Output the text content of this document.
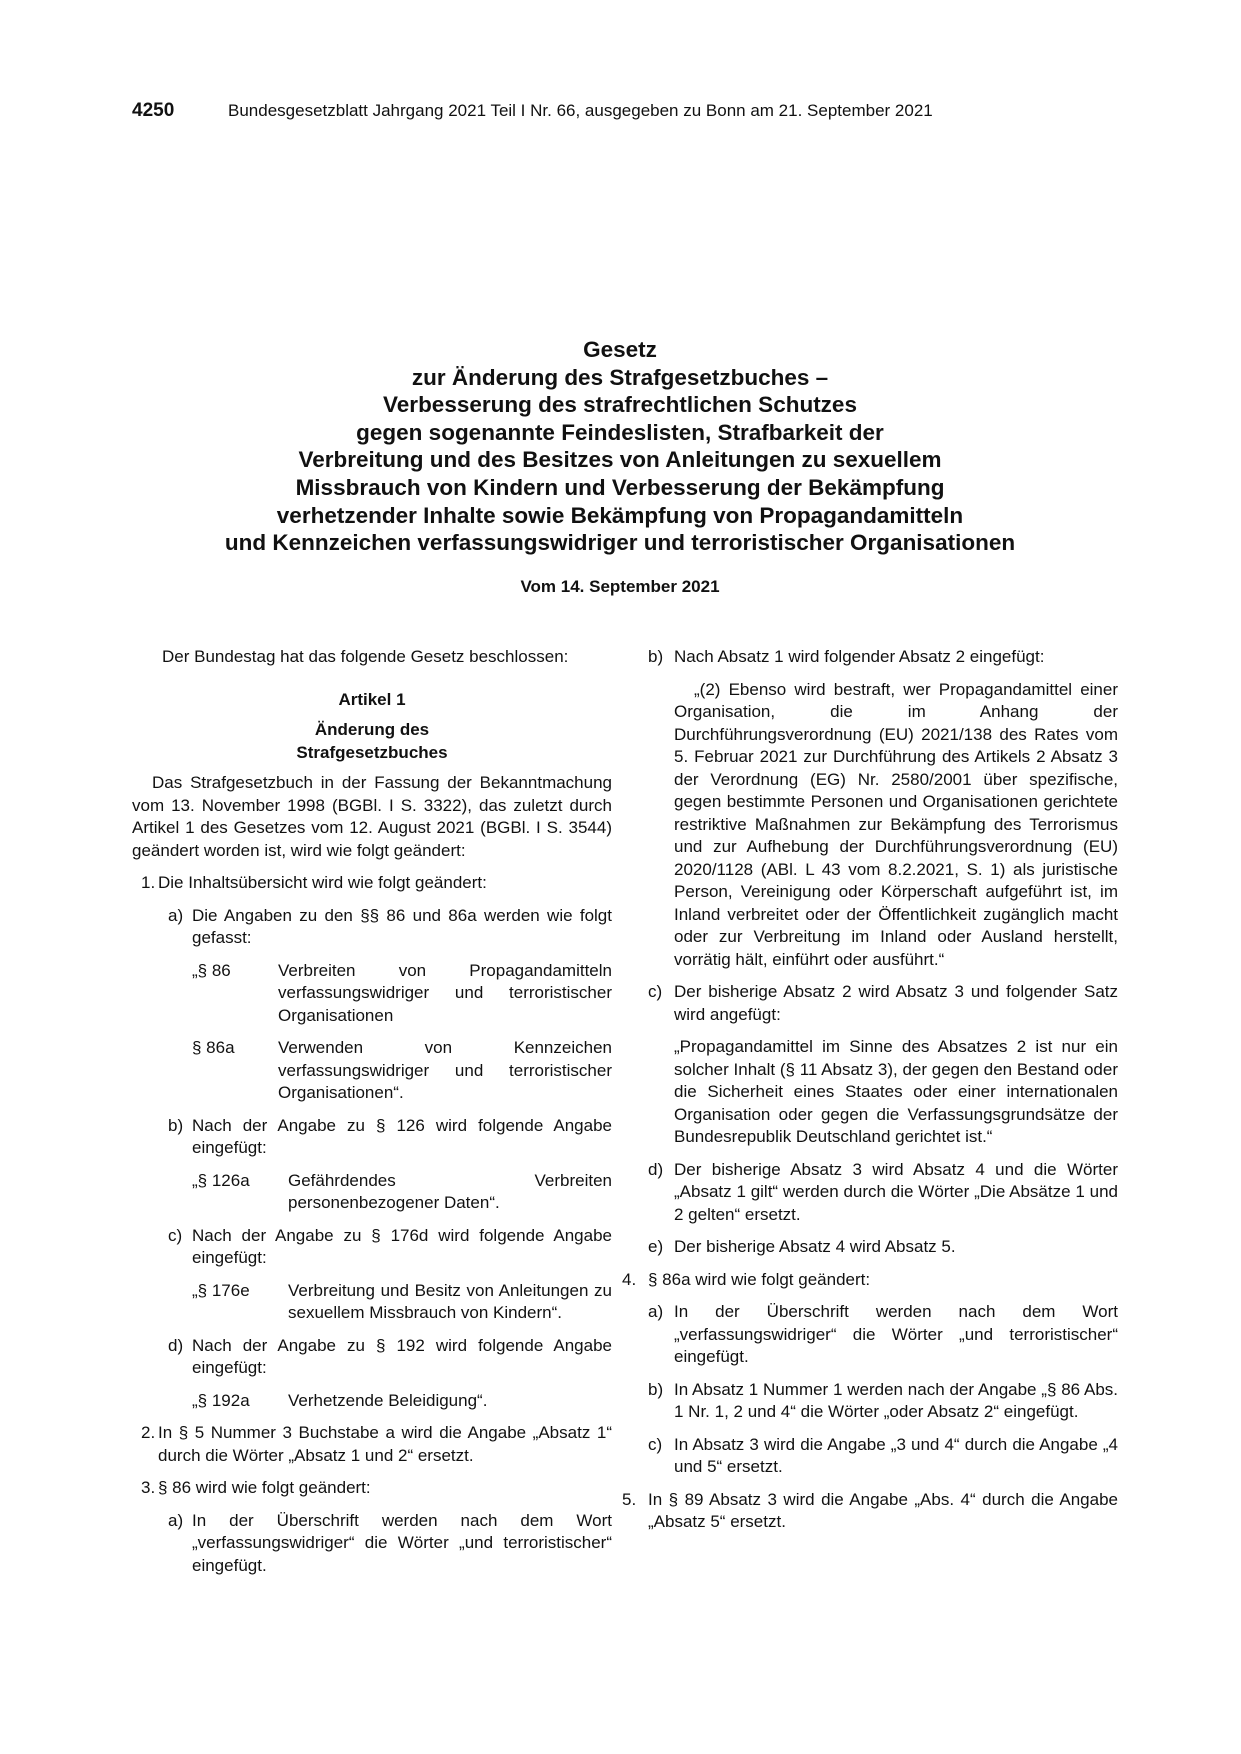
4250	Bundesgesetzblatt Jahrgang 2021 Teil I Nr. 66, ausgegeben zu Bonn am 21. September 2021
Gesetz
zur Änderung des Strafgesetzbuches –
Verbesserung des strafrechtlichen Schutzes
gegen sogenannte Feindeslisten, Strafbarkeit der
Verbreitung und des Besitzes von Anleitungen zu sexuellem
Missbrauch von Kindern und Verbesserung der Bekämpfung
verhetzender Inhalte sowie Bekämpfung von Propagandamitteln
und Kennzeichen verfassungswidriger und terroristischer Organisationen
Vom 14. September 2021

Der Bundestag hat das folgende Gesetz beschlossen:

Artikel 1

Änderung des

Strafgesetzbuches

Das Strafgesetzbuch in der Fassung der Bekanntmachung vom 13. November 1998 (BGBl. I S. 3322), das zuletzt durch Artikel 1 des Gesetzes vom 12. August 2021 (BGBl. I S. 3544) geändert worden ist, wird wie folgt geändert:

1. Die Inhaltsübersicht wird wie folgt geändert:
a) Die Angaben zu den §§ 86 und 86a werden wie folgt gefasst:
„§ 86	Verbreiten von Propagandamitteln verfassungswidriger und terroristischer Organisationen
§ 86a	Verwenden von Kennzeichen verfassungswidriger und terroristischer Organisationen“.
b) Nach der Angabe zu § 126 wird folgende Angabe eingefügt:
„§ 126a Gefährdendes Verbreiten personenbezogener Daten“.
c) Nach der Angabe zu § 176d wird folgende Angabe eingefügt:
„§ 176e Verbreitung und Besitz von Anleitungen zu sexuellem Missbrauch von Kindern“.
d) Nach der Angabe zu § 192 wird folgende Angabe eingefügt:
„§ 192a Verhetzende Beleidigung“.
2. In § 5 Nummer 3 Buchstabe a wird die Angabe „Absatz 1“ durch die Wörter „Absatz 1 und 2“ ersetzt.
3. § 86 wird wie folgt geändert:
a) In der Überschrift werden nach dem Wort „verfassungswidriger“ die Wörter „und terroristischer“ eingefügt.
b) Nach Absatz 1 wird folgender Absatz 2 eingefügt:

„(2) Ebenso wird bestraft, wer Propagandamittel einer Organisation, die im Anhang der Durchführungsverordnung (EU) 2021/138 des Rates vom 5. Februar 2021 zur Durchführung des Artikels 2 Absatz 3 der Verordnung (EG) Nr. 2580/2001 über spezifische, gegen bestimmte Personen und Organisationen gerichtete restriktive Maßnahmen zur Bekämpfung des Terrorismus und zur Aufhebung der Durchführungsverordnung (EU) 2020/1128 (ABl. L 43 vom 8.2.2021, S. 1) als juristische Person, Vereinigung oder Körperschaft aufgeführt ist, im Inland verbreitet oder der Öffentlichkeit zugänglich macht oder zur Verbreitung im Inland oder Ausland herstellt, vorrätig hält, einführt oder ausführt.“

c) Der bisherige Absatz 2 wird Absatz 3 und folgender Satz wird angefügt:

„Propagandamittel im Sinne des Absatzes 2 ist nur ein solcher Inhalt (§ 11 Absatz 3), der gegen den Bestand oder die Sicherheit eines Staates oder einer internationalen Organisation oder gegen die Verfassungsgrundsätze der Bundesrepublik Deutschland gerichtet ist.“

d) Der bisherige Absatz 3 wird Absatz 4 und die Wörter „Absatz 1 gilt“ werden durch die Wörter „Die Absätze 1 und 2 gelten“ ersetzt.
e) Der bisherige Absatz 4 wird Absatz 5.
4. § 86a wird wie folgt geändert:
a) In der Überschrift werden nach dem Wort „verfassungswidriger“ die Wörter „und terroristischer“ eingefügt.
b) In Absatz 1 Nummer 1 werden nach der Angabe „§ 86 Abs. 1 Nr. 1, 2 und 4“ die Wörter „oder Absatz 2“ eingefügt.
c) In Absatz 3 wird die Angabe „3 und 4“ durch die Angabe „4 und 5“ ersetzt.
5. In § 89 Absatz 3 wird die Angabe „Abs. 4“ durch die Angabe „Absatz 5“ ersetzt.
